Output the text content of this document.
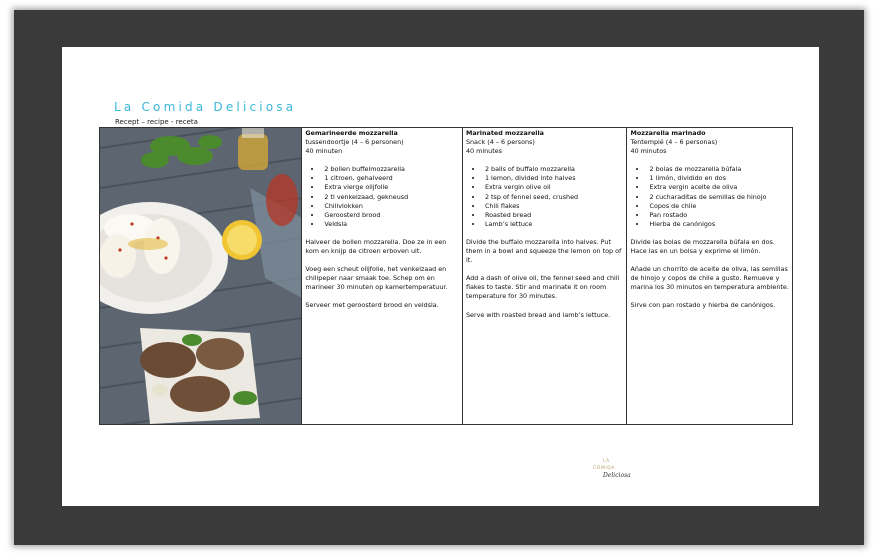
La Comida Deliciosa
Recept – recipe - receta
Gemarineerde mozzarella
tussendoortje (4 – 6 personen)
40 minuten
• 2 bollen buffelmozzarella
• 1 citroen, gehalveerd
• Extra vierge olijfolie
• 2 tl venkelzaad, gekneusd
• Chilivlokken
• Geroosterd brood
• Veldsla

Halveer de bollen mozzarella. Doe ze in een kom en knijp de citroen erboven uit.

Voeg een scheut olijfolie, het venkelzaad en chilipeper naar smaak toe. Schep om en marineer 30 minuten op kamertemperatuur.

Serveer met geroosterd brood en veldsla.

Marinated mozzarella
Snack (4 – 6 persons)
40 minutes
• 2 balls of buffalo mozzarella
• 1 lemon, divided into halves
• Extra vergin olive oil
• 2 tsp of fennel seed, crushed
• Chili flakes
• Roasted bread
• Lamb’s lettuce

Divide the buffalo mozzarella into halves. Put them in a bowl and squeeze the lemon on top of it.

Add a dash of olive oil, the fennel seed and chili flakes to taste. Stir and marinate it on room temperature for 30 minutes.

Serve with roasted bread and lamb’s lettuce.

Mozzarella marinado
Tentempié (4 – 6 personas)
40 minutos
• 2 bolas de mozzarella búfala
• 1 limón, dividido en dos
• Extra vergin aceite de oliva
• 2 cucharaditas de semillas de hinojo
• Copos de chile
• Pan rostado
• Hierba de canónigos

Divide las bolas de mozzarella búfala en dos. Hace las en un bolsa y exprime el limón.

Añade un chorrito de aceite de oliva, las semillas de hinojo y copos de chile a gusto. Remueve y marina los 30 minutos en temperatura ambiente.

Sirve con pan rostado y hierba de canónigos.

LA
COMIDA
Deliciosa
